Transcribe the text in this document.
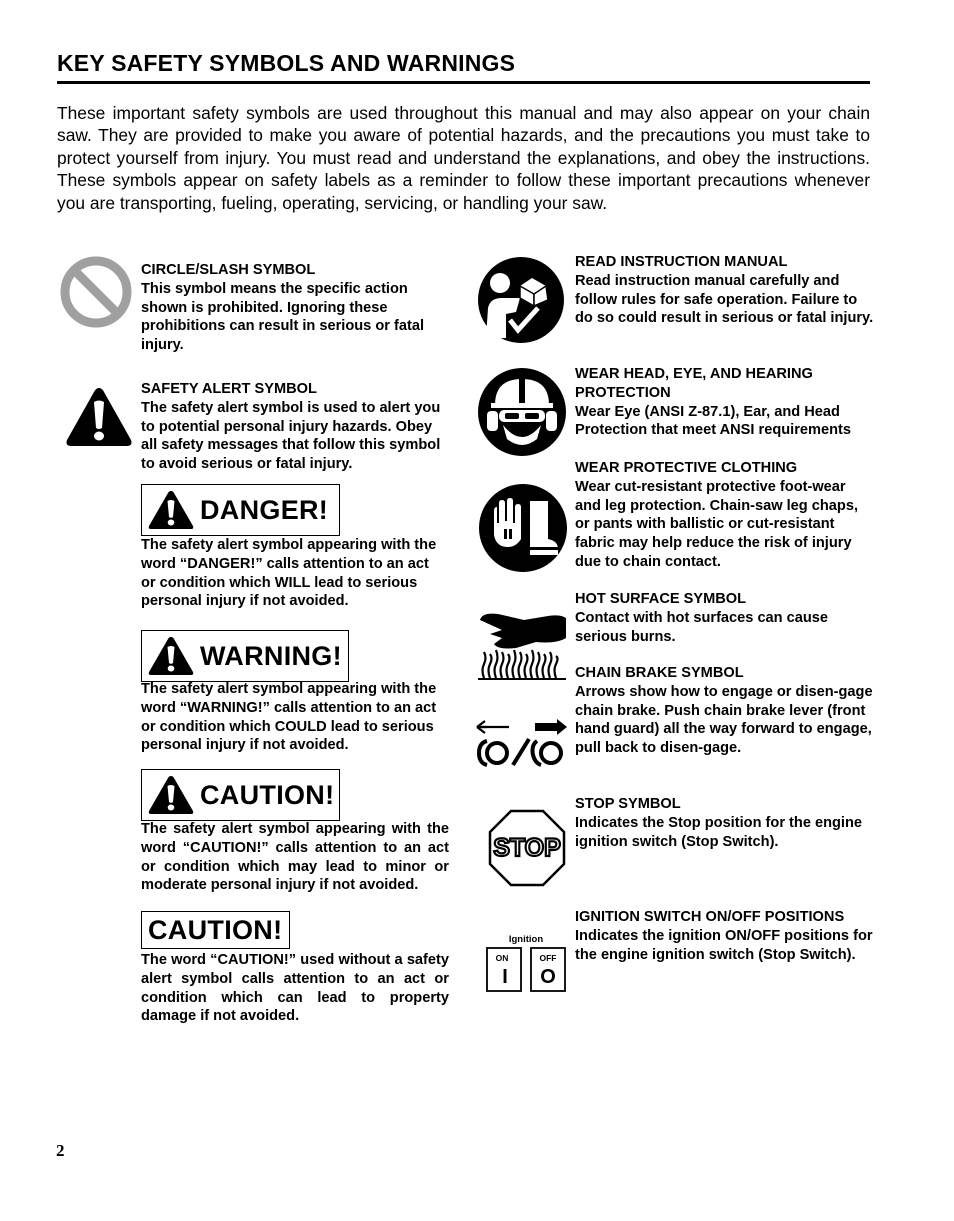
KEY SAFETY SYMBOLS AND WARNINGS
These important safety symbols are used throughout this manual and may also appear on your chain saw. They are provided to make you aware of potential hazards, and the precautions you must take to protect yourself from injury. You must read and understand the explanations, and obey the instructions. These symbols appear on safety labels as a reminder to follow these important precautions whenever you are transporting, fueling, operating, servicing, or handling your saw.
CIRCLE/SLASH SYMBOL

This symbol means the specific action shown is prohibited. Ignoring these prohibitions can result in serious or fatal injury.

SAFETY ALERT SYMBOL

The safety alert symbol is used to alert you to potential personal injury hazards. Obey all safety messages that follow this symbol to avoid serious or fatal injury.

DANGER!
The safety alert symbol appearing with the word “DANGER!” calls attention to an act or condition which WILL lead to serious personal injury if not avoided.
WARNING!
The safety alert symbol appearing with the word “WARNING!” calls attention to an act or condition which COULD lead to serious personal injury if not avoided.
CAUTION!
The safety alert symbol appearing with the word “CAUTION!” calls attention to an act or condition which may lead to minor or moderate personal injury if not avoided.
CAUTION!
The word “CAUTION!” used without a safety alert symbol calls attention to an act or condition which can lead to property damage if not avoided.
READ INSTRUCTION MANUAL

Read instruction manual carefully and follow rules for safe operation. Failure to do so could result in serious or fatal injury.

WEAR HEAD, EYE, AND HEARING PROTECTION

Wear Eye (ANSI Z-87.1), Ear, and Head Protection that meet ANSI requirements

WEAR PROTECTIVE CLOTHING

Wear cut-resistant protective foot-wear and leg protection. Chain-saw leg chaps, or pants with ballistic or cut-resistant fabric may help reduce the risk of injury due to chain contact.

HOT SURFACE SYMBOL

Contact with hot surfaces can cause serious burns.

CHAIN BRAKE SYMBOL

Arrows show how to engage or disen-gage chain brake. Push chain brake lever (front hand guard) all the way forward to engage, pull back to disen-gage.

STOP
STOP SYMBOL

Indicates the Stop position for the engine ignition switch (Stop Switch).

Ignition
ON
I
OFF
O
IGNITION SWITCH ON/OFF POSITIONS

Indicates the ignition ON/OFF positions for the engine ignition switch (Stop Switch).

2
